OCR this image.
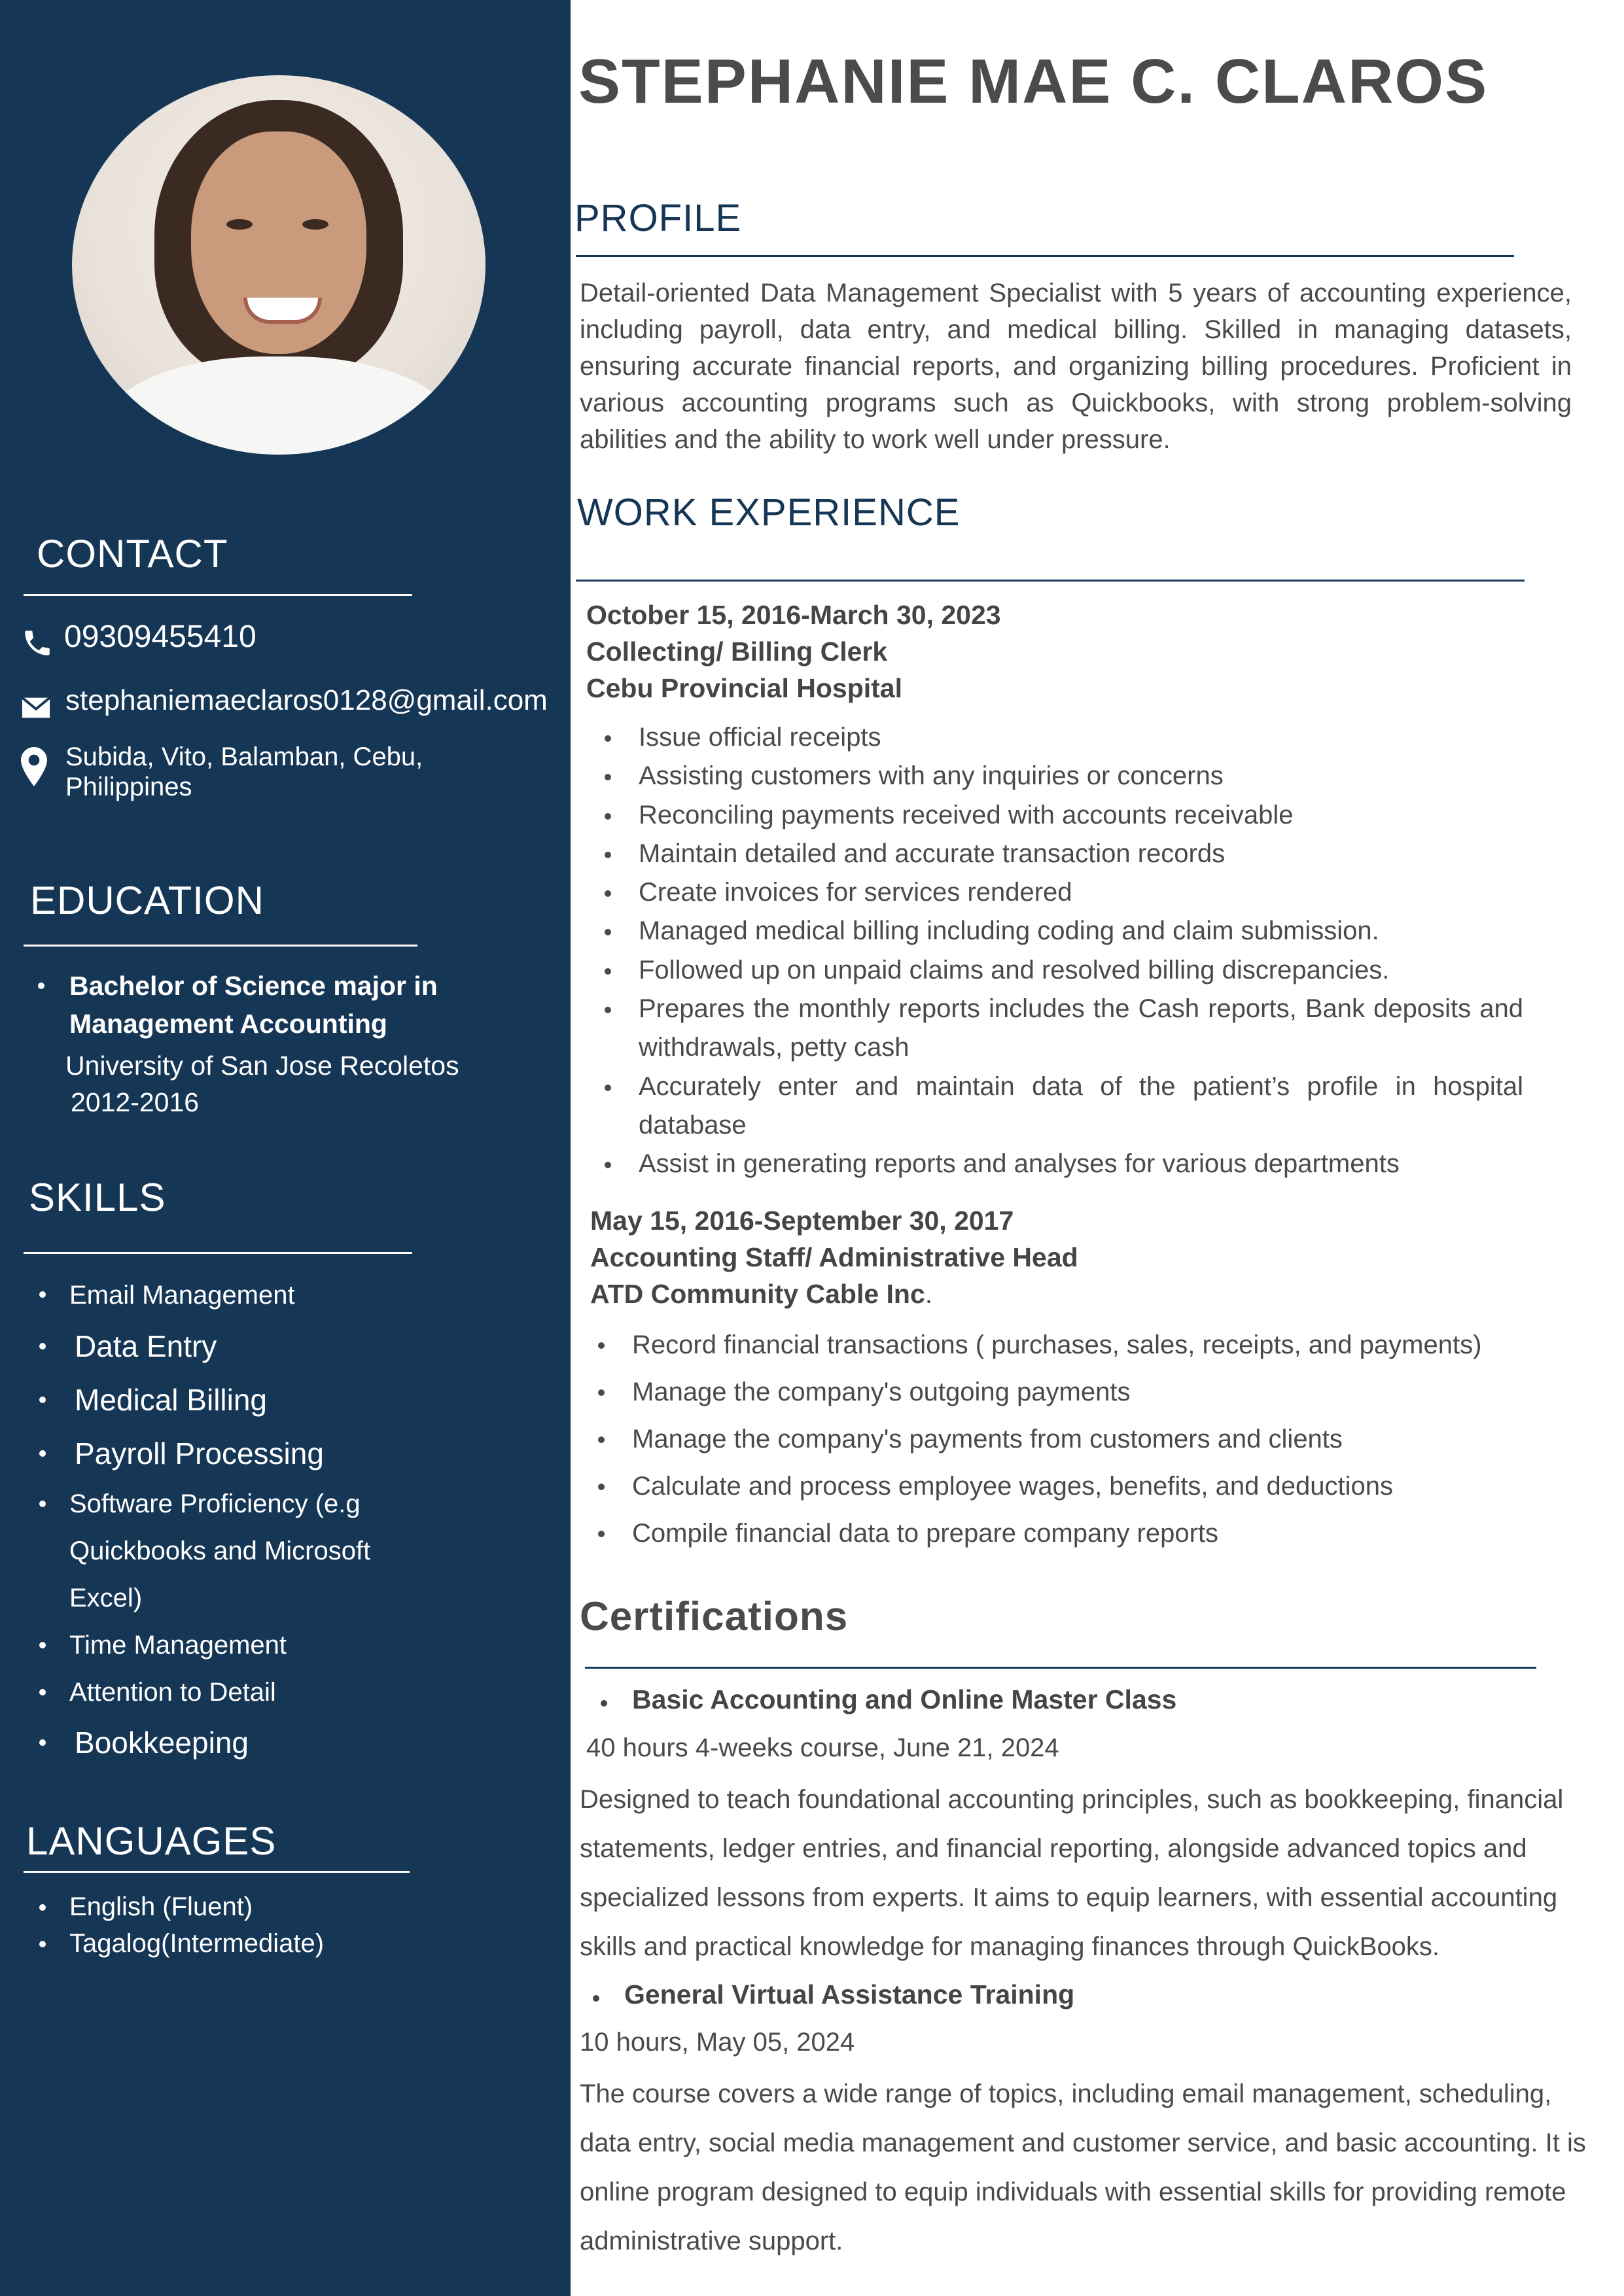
CONTACT
09309455410
stephaniemaeclaros0128@gmail.com
Subida, Vito, Balamban, Cebu,
Philippines
EDUCATION
Bachelor of Science major in Management Accounting
University of San Jose Recoletos
2012-2016
SKILLS
Email Management
Data Entry
Medical Billing
Payroll Processing
Software Proficiency (e.g Quickbooks and Microsoft Excel)
Time Management
Attention to Detail
Bookkeeping
LANGUAGES
English (Fluent)
Tagalog(Intermediate)
STEPHANIE MAE C. CLAROS
PROFILE
Detail-oriented Data Management Specialist with 5 years of accounting experience, including payroll, data entry, and medical billing. Skilled in managing datasets, ensuring accurate financial reports, and organizing billing procedures. Proficient in various accounting programs such as Quickbooks, with strong problem-solving abilities and the ability to work well under pressure.
WORK EXPERIENCE
October 15, 2016-March 30, 2023
Collecting/ Billing Clerk
Cebu Provincial Hospital
Issue official receipts
Assisting customers with any inquiries or concerns
Reconciling payments received with accounts receivable
Maintain detailed and accurate transaction records
Create invoices for services rendered
Managed medical billing including coding and claim submission.
Followed up on unpaid claims and resolved billing discrepancies.
Prepares the monthly reports includes the Cash reports, Bank deposits and withdrawals, petty cash
Accurately enter and maintain data of the patient’s profile in hospital database
Assist in generating reports and analyses for various departments
May 15, 2016-September 30, 2017
Accounting Staff/ Administrative Head
ATD Community Cable Inc.
Record financial transactions ( purchases, sales, receipts, and payments)
Manage the company's outgoing payments
Manage the company's payments from customers and clients
Calculate and process employee wages, benefits, and deductions
Compile financial data to prepare company reports
Certifications
Basic Accounting and Online Master Class
40 hours 4-weeks course, June 21, 2024
Designed to teach foundational accounting principles, such as bookkeeping, financial statements, ledger entries, and financial reporting, alongside advanced topics and specialized lessons from experts. It aims to equip learners, with essential accounting skills and practical knowledge for managing finances through QuickBooks.
General Virtual Assistance Training
10 hours, May 05, 2024
The course covers a wide range of topics, including email management, scheduling, data entry, social media management and customer service, and basic accounting. It is online program designed to equip individuals with essential skills for providing remote administrative support.
